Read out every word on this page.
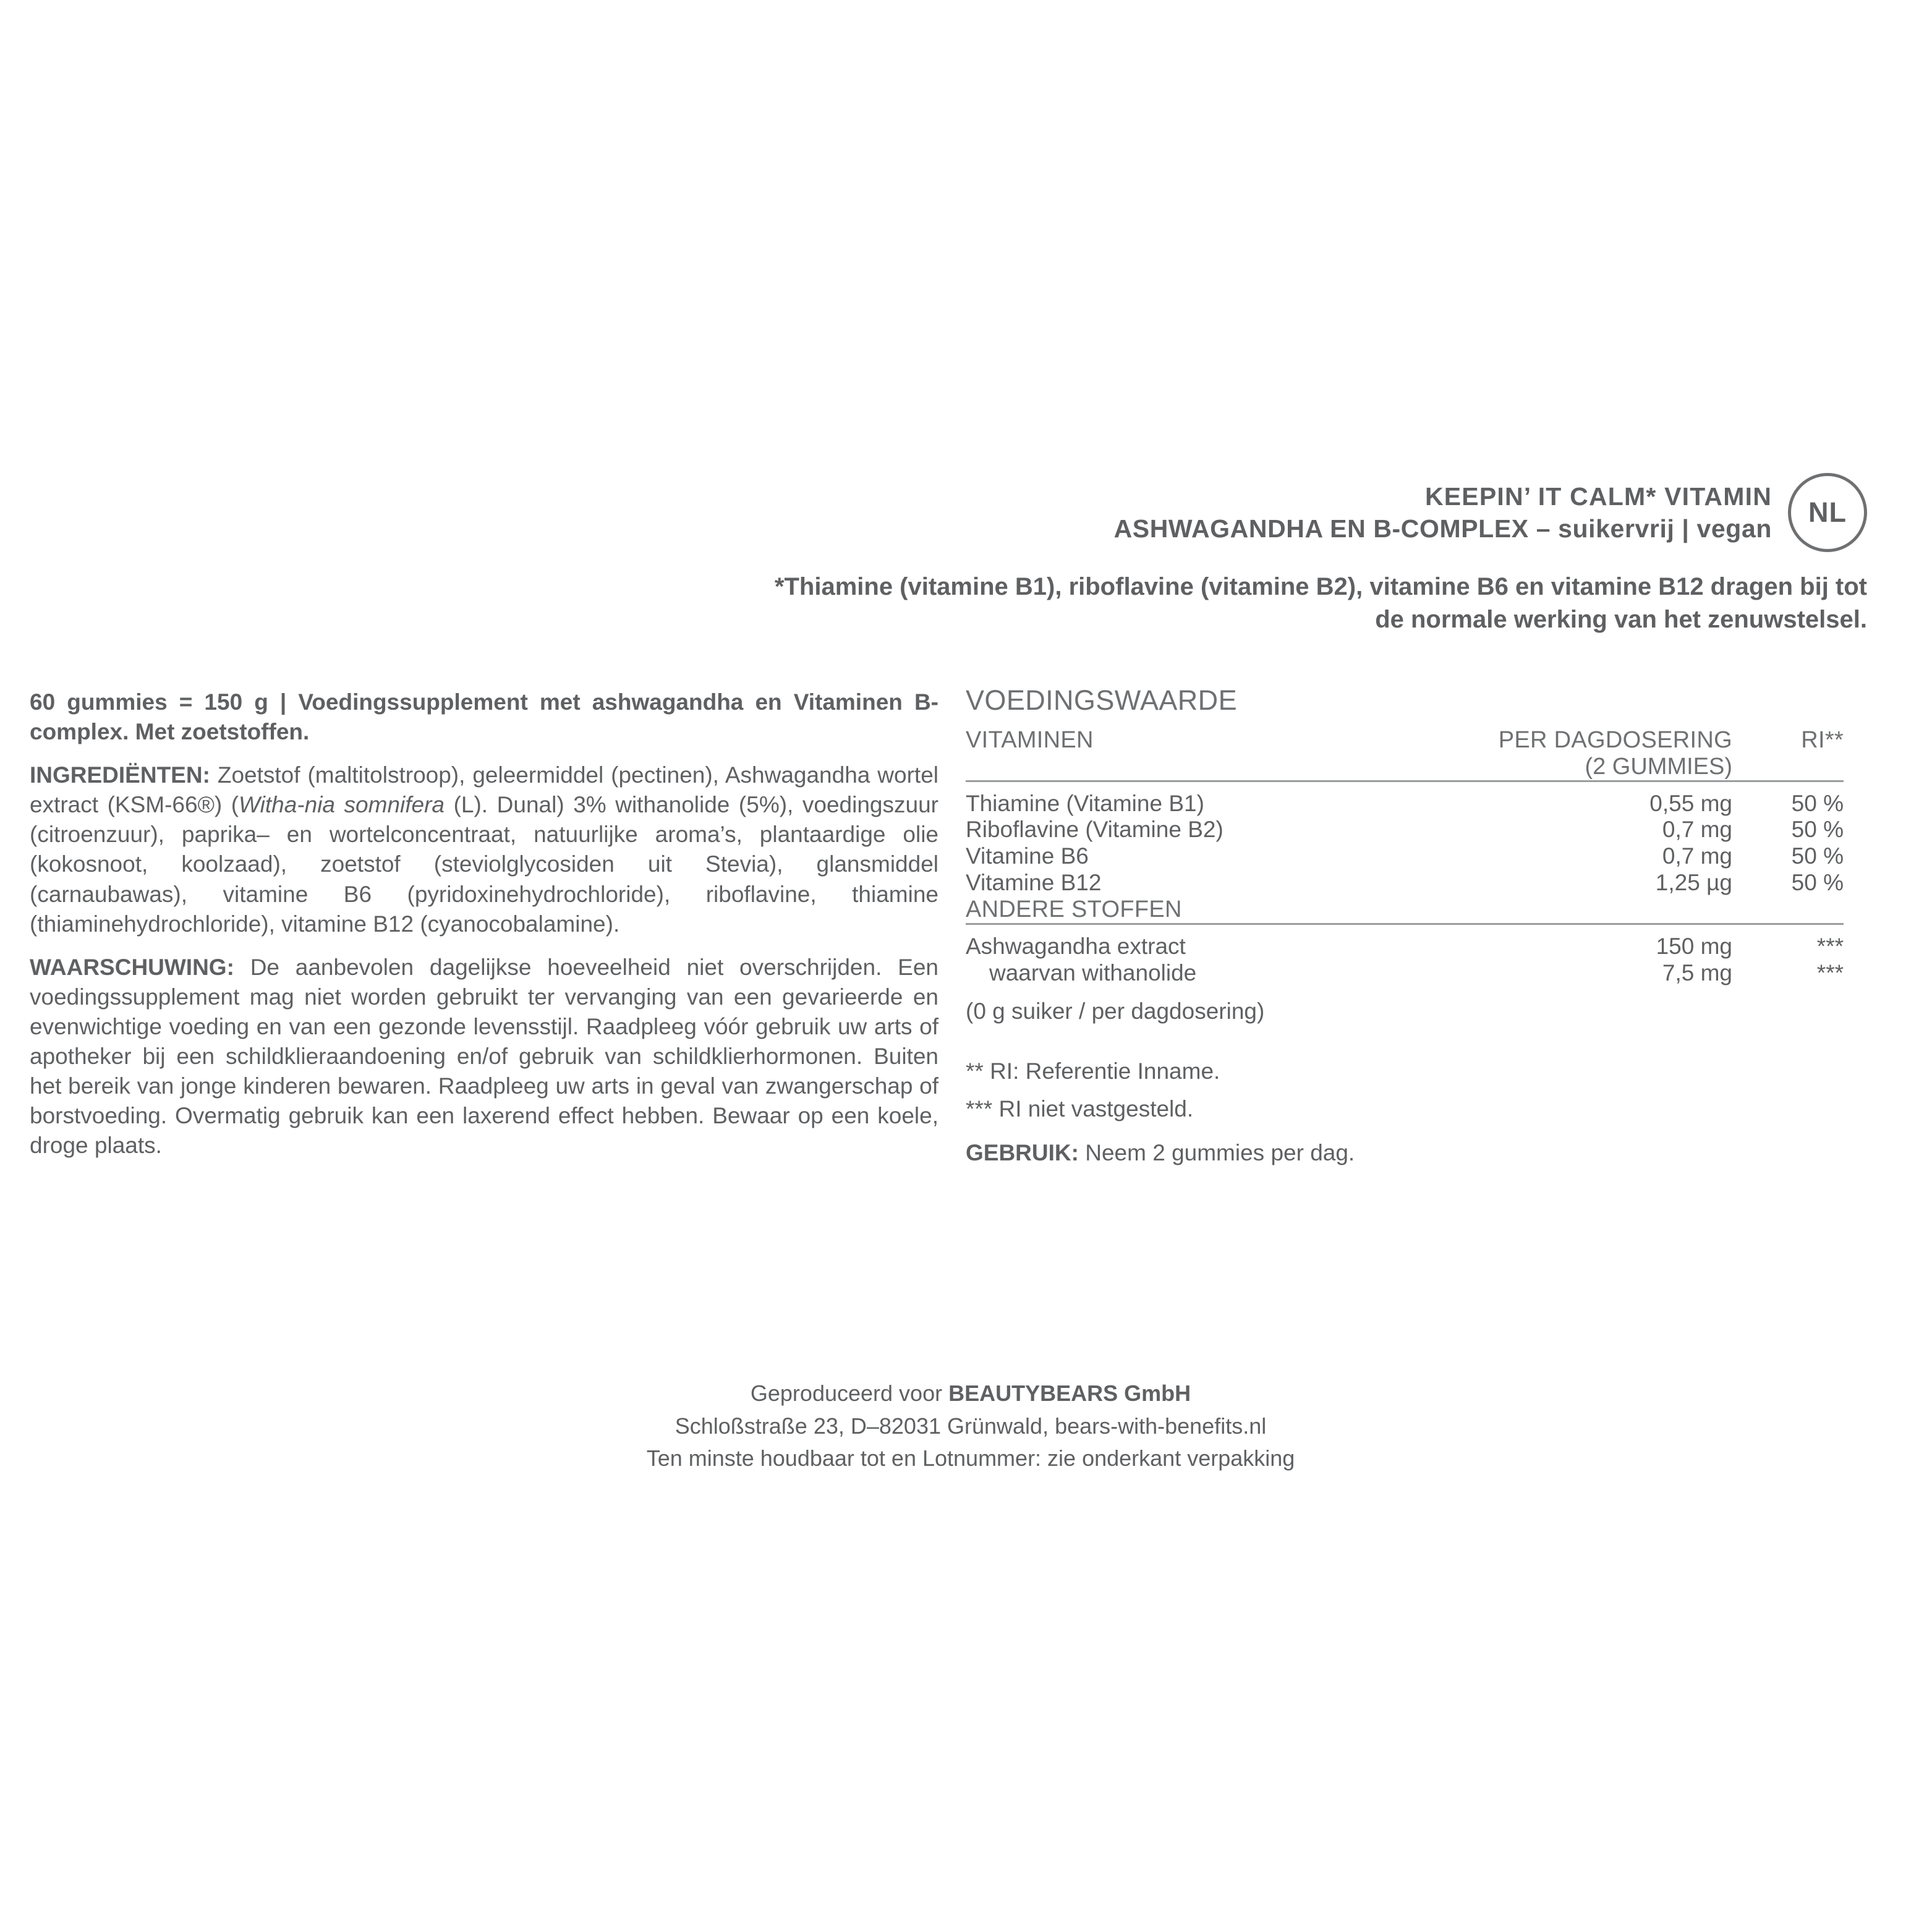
KEEPIN’ IT CALM* VITAMIN
ASHWAGANDHA EN B-COMPLEX – suikervrij | vegan
NL
*Thiamine (vitamine B1), riboflavine (vitamine B2), vitamine B6 en vitamine B12 dragen bij tot de normale werking van het zenuwstelsel.
60 gummies = 150 g | Voedingssupplement met ashwagandha en Vitaminen B-complex. Met zoetstoffen.
INGREDIËNTEN: Zoetstof (maltitolstroop), geleermiddel (pectinen), Ashwagandha wortel extract (KSM-66®) (Witha-nia somnifera (L). Dunal) 3% withanolide (5%), voedingszuur (citroenzuur), paprika– en wortelconcentraat, natuurlijke aroma’s, plantaardige olie (kokosnoot, koolzaad), zoetstof (steviolglycosiden uit Stevia), glansmiddel (carnaubawas), vitamine B6 (pyridoxinehydrochloride), riboflavine, thiamine (thiaminehydrochloride), vitamine B12 (cyanocobalamine).
WAARSCHUWING: De aanbevolen dagelijkse hoeveelheid niet overschrijden. Een voedingssupplement mag niet worden gebruikt ter vervanging van een gevarieerde en evenwichtige voeding en van een gezonde levensstijl. Raadpleeg vóór gebruik uw arts of apotheker bij een schildklieraandoening en/of gebruik van schildklierhormonen. Buiten het bereik van jonge kinderen bewaren. Raadpleeg uw arts in geval van zwangerschap of borstvoeding. Overmatig gebruik kan een laxerend effect hebben. Bewaar op een koele, droge plaats.
VOEDINGSWAARDE
VITAMINEN	PER DAGDOSERING	RI**
	(2 GUMMIES)	

Thiamine (Vitamine B1)	0,55 mg	50 %
Riboflavine (Vitamine B2)	0,7 mg	50 %
Vitamine B6	0,7 mg	50 %
Vitamine B12	1,25 µg	50 %
ANDERE STOFFEN		

Ashwagandha extract	150 mg	***
waarvan withanolide	7,5 mg	***
(0 g suiker / per dagdosering)
** RI: Referentie Inname.
*** RI niet vastgesteld.
GEBRUIK: Neem 2 gummies per dag.
Geproduceerd voor BEAUTYBEARS GmbH
Schloßstraße 23, D–82031 Grünwald, bears-with-benefits.nl
Ten minste houdbaar tot en Lotnummer: zie onderkant verpakking
